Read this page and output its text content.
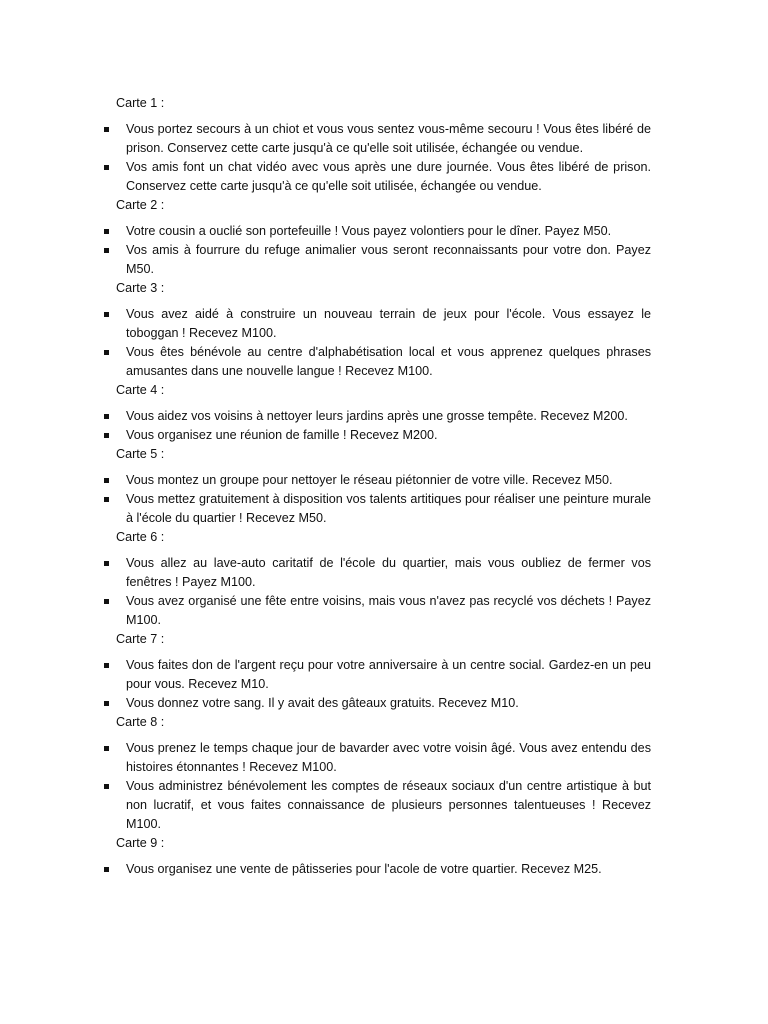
Carte 1 :
Vous portez secours à un chiot et vous vous sentez vous-même secouru ! Vous êtes libéré de prison. Conservez cette carte jusqu'à ce qu'elle soit utilisée, échangée ou vendue.
Vos amis font un chat vidéo avec vous après une dure journée. Vous êtes libéré de prison. Conservez cette carte jusqu'à ce qu'elle soit utilisée, échangée ou vendue.
Carte 2 :
Votre cousin a ouclié son portefeuille ! Vous payez volontiers pour le dîner. Payez M50.
Vos amis à fourrure du refuge animalier vous seront reconnaissants pour votre don. Payez M50.
Carte 3 :
Vous avez aidé à construire un nouveau terrain de jeux pour l'école. Vous essayez le toboggan ! Recevez M100.
Vous êtes bénévole au centre d'alphabétisation local et vous apprenez quelques phrases amusantes dans une nouvelle langue ! Recevez M100.
Carte 4 :
Vous aidez vos voisins à nettoyer leurs jardins après une grosse tempête. Recevez M200.
Vous organisez une réunion de famille ! Recevez M200.
Carte 5 :
Vous montez un groupe pour nettoyer le réseau piétonnier de votre ville. Recevez M50.
Vous mettez gratuitement à disposition vos talents artitiques pour réaliser une peinture murale à l'école du quartier ! Recevez M50.
Carte 6 :
Vous allez au lave-auto caritatif de l'école du quartier, mais vous oubliez de fermer vos fenêtres ! Payez M100.
Vous avez organisé une fête entre voisins, mais vous n'avez pas recyclé vos déchets ! Payez M100.
Carte 7 :
Vous faites don de l'argent reçu pour votre anniversaire à un centre social. Gardez-en un peu pour vous. Recevez M10.
Vous donnez votre sang. Il y avait des gâteaux gratuits. Recevez M10.
Carte 8 :
Vous prenez le temps chaque jour de bavarder avec votre voisin âgé. Vous avez entendu des histoires étonnantes ! Recevez M100.
Vous administrez bénévolement les comptes de réseaux sociaux d'un centre artistique à but non lucratif, et vous faites connaissance de plusieurs personnes talentueuses ! Recevez M100.
Carte 9 :
Vous organisez une vente de pâtisseries pour l'acole de votre quartier. Recevez M25.
